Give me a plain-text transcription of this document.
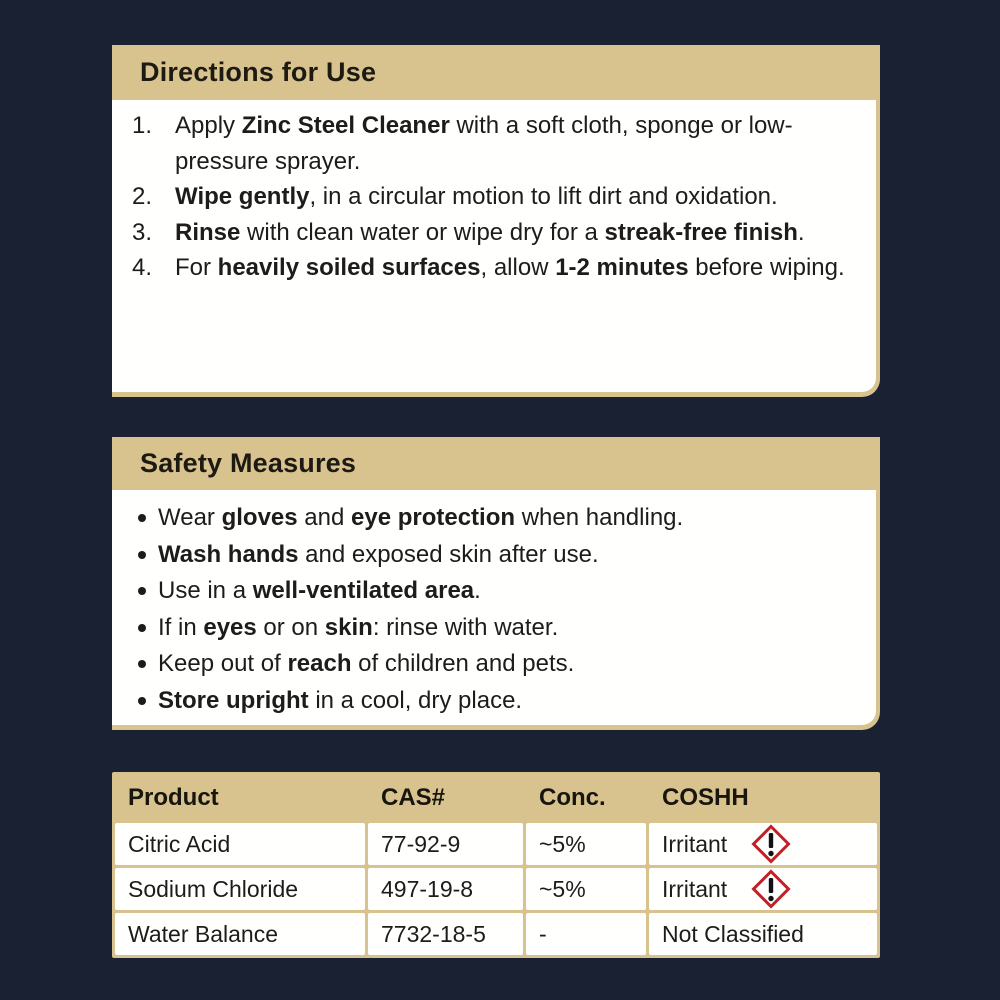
Directions for Use
1. Apply Zinc Steel Cleaner with a soft cloth, sponge or low-pressure sprayer.
2. Wipe gently, in a circular motion to lift dirt and oxidation.
3. Rinse with clean water or wipe dry for a streak-free finish.
4. For heavily soiled surfaces, allow 1-2 minutes before wiping.
Safety Measures
Wear gloves and eye protection when handling.
Wash hands and exposed skin after use.
Use in a well-ventilated area.
If in eyes or on skin: rinse with water.
Keep out of reach of children and pets.
Store upright in a cool, dry place.
Product	CAS#	Conc.	COSHH
Citric Acid	77-92-9	~5%	Irritant
Sodium Chloride	497-19-8	~5%	Irritant
Water Balance	7732-18-5	-	Not Classified
